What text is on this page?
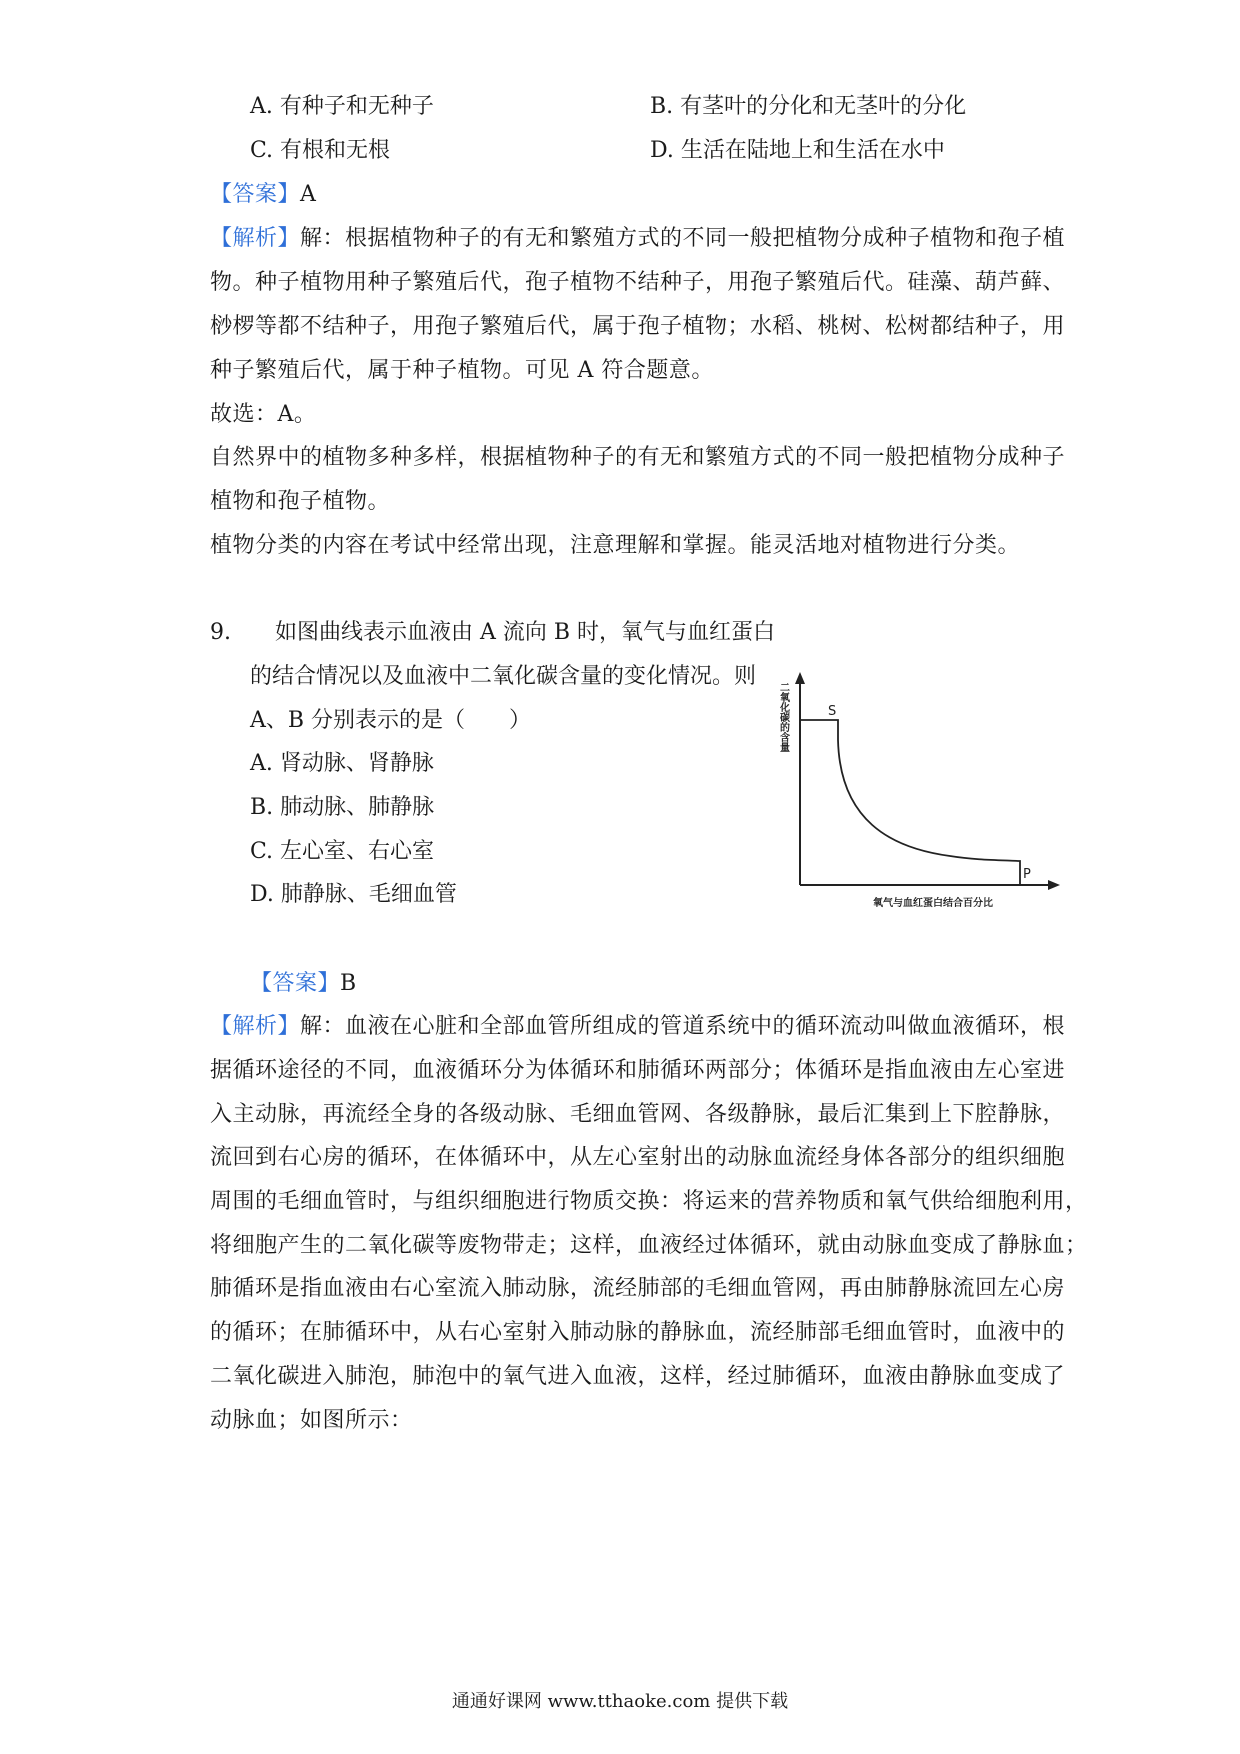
A. 有种子和无种子	B. 有茎叶的分化和无茎叶的分化
C. 有根和无根	D. 生活在陆地上和生活在水中
【答案】A
【解析】解：根据植物种子的有无和繁殖方式的不同一般把植物分成种子植物和孢子植
物。种子植物用种子繁殖后代，孢子植物不结种子，用孢子繁殖后代。硅藻、葫芦藓、
桫椤等都不结种子，用孢子繁殖后代，属于孢子植物；水稻、桃树、松树都结种子，用
种子繁殖后代，属于种子植物。可见 A 符合题意。
故选：A。
自然界中的植物多种多样，根据植物种子的有无和繁殖方式的不同一般把植物分成种子
植物和孢子植物。
植物分类的内容在考试中经常出现，注意理解和掌握。能灵活地对植物进行分类。
9. 如图曲线表示血液由 A 流向 B 时，氧气与血红蛋白
的结合情况以及血液中二氧化碳含量的变化情况。则
A、B 分别表示的是（　　）
A. 肾动脉、肾静脉
B. 肺动脉、肺静脉
C. 左心室、右心室
D. 肺静脉、毛细血管
S
P
二氧化碳的含量
氧气与血红蛋白结合百分比
【答案】B
【解析】解：血液在心脏和全部血管所组成的管道系统中的循环流动叫做血液循环，根
据循环途径的不同，血液循环分为体循环和肺循环两部分；体循环是指血液由左心室进
入主动脉，再流经全身的各级动脉、毛细血管网、各级静脉，最后汇集到上下腔静脉，
流回到右心房的循环，在体循环中，从左心室射出的动脉血流经身体各部分的组织细胞
周围的毛细血管时，与组织细胞进行物质交换：将运来的营养物质和氧气供给细胞利用，
将细胞产生的二氧化碳等废物带走；这样，血液经过体循环，就由动脉血变成了静脉血；
肺循环是指血液由右心室流入肺动脉，流经肺部的毛细血管网，再由肺静脉流回左心房
的循环；在肺循环中，从右心室射入肺动脉的静脉血，流经肺部毛细血管时，血液中的
二氧化碳进入肺泡，肺泡中的氧气进入血液，这样，经过肺循环，血液由静脉血变成了
动脉血；如图所示：
通通好课网 www.tthaoke.com 提供下载
